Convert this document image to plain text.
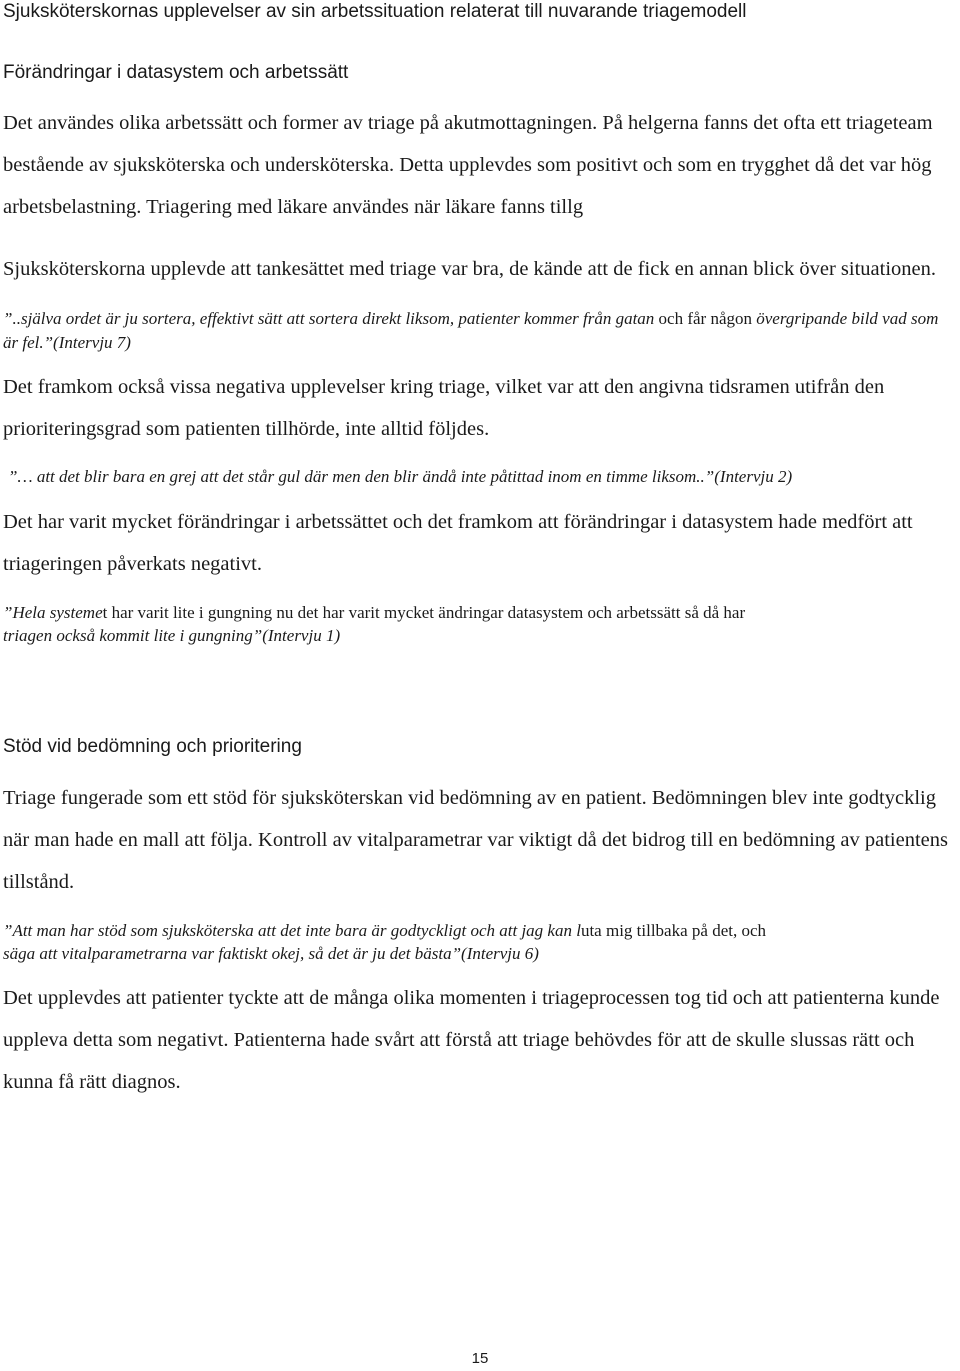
Sjuksköterskornas upplevelser av sin arbetssituation relaterat till nuvarande triagemodell
Förändringar i datasystem och arbetssätt

Det användes olika arbetssätt och former av triage på akutmottagningen. På helgerna fanns det ofta ett triageteam bestående av sjuksköterska och undersköterska. Detta upplevdes som positivt och som en trygghet då det var hög arbetsbelastning. Triagering med läkare användes när läkare fanns tillg

Sjuksköterskorna upplevde att tankesättet med triage var bra, de kände att de fick en annan blick över situationen.

”..själva ordet är ju sortera, effektivt sätt att sortera direkt liksom, patienter kommer från gatan och får någon övergripande bild vad som är fel.”(Intervju 7)

Det framkom också vissa negativa upplevelser kring triage, vilket var att den angivna tidsramen utifrån den prioriteringsgrad som patienten tillhörde, inte alltid följdes.

”… att det blir bara en grej att det står gul där men den blir ändå inte påtittad inom en timme liksom..”(Intervju 2)

Det har varit mycket förändringar i arbetssättet och det framkom att förändringar i datasystem hade medfört att triageringen påverkats negativt.

”Hela systemet har varit lite i gungning nu det har varit mycket ändringar datasystem och arbetssätt så då har
triagen också kommit lite i gungning”(Intervju 1)

Stöd vid bedömning och prioritering

Triage fungerade som ett stöd för sjuksköterskan vid bedömning av en patient. Bedömningen blev inte godtycklig när man hade en mall att följa. Kontroll av vitalparametrar var viktigt då det bidrog till en bedömning av patientens tillstånd.

”Att man har stöd som sjuksköterska att det inte bara är godtyckligt och att jag kan luta mig tillbaka på det, och
säga att vitalparametrarna var faktiskt okej, så det är ju det bästa”(Intervju 6)

Det upplevdes att patienter tyckte att de många olika momenten i triageprocessen tog tid och att patienterna kunde uppleva detta som negativt. Patienterna hade svårt att förstå att triage behövdes för att de skulle slussas rätt och kunna få rätt diagnos.

15
